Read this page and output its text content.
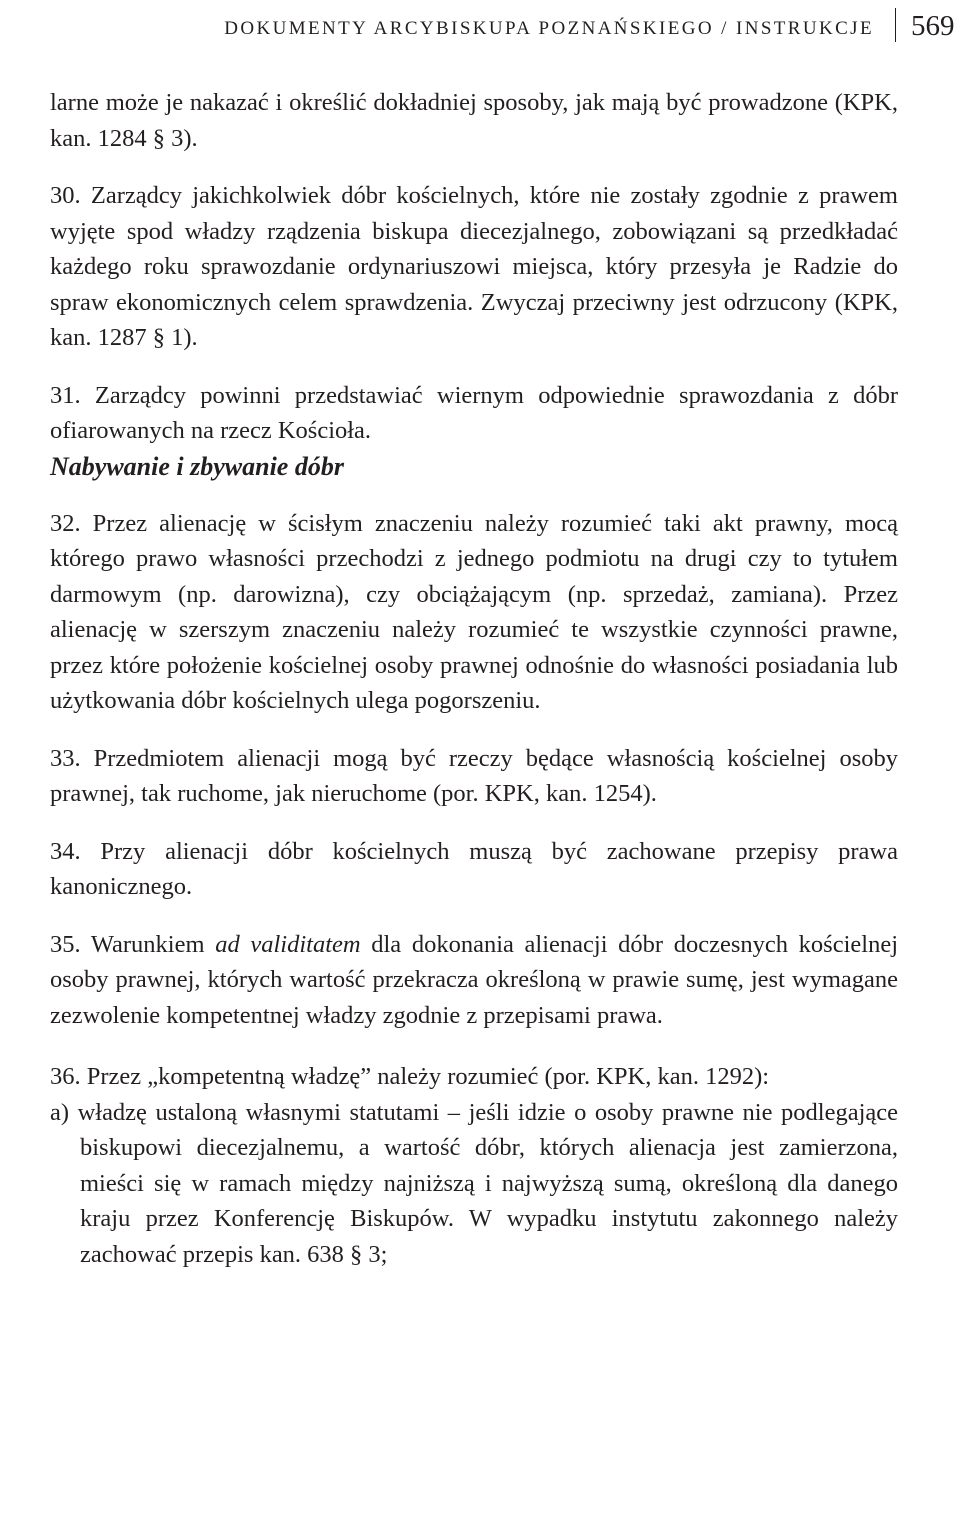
DOKUMENTY ARCYBISKUPA POZNAŃSKIEGO / INSTRUKCJE 569

larne może je nakazać i określić dokładniej sposoby, jak mają być prowadzone (KPK, kan. 1284 § 3).

30. Zarządcy jakichkolwiek dóbr kościelnych, które nie zostały zgodnie z prawem wyjęte spod władzy rządzenia biskupa diecezjalnego, zobowiązani są przedkładać każdego roku sprawozdanie ordynariuszowi miejsca, który przesyła je Radzie do spraw ekonomicznych celem sprawdzenia. Zwyczaj przeciwny jest odrzucony (KPK, kan. 1287 § 1).

31. Zarządcy powinni przedstawiać wiernym odpowiednie sprawozdania z dóbr ofiarowanych na rzecz Kościoła.

Nabywanie i zbywanie dóbr

32. Przez alienację w ścisłym znaczeniu należy rozumieć taki akt prawny, mocą którego prawo własności przechodzi z jednego podmiotu na drugi czy to tytułem darmowym (np. darowizna), czy obciążającym (np. sprzedaż, zamiana). Przez alienację w szerszym znaczeniu należy rozumieć te wszystkie czynności prawne, przez które położenie kościelnej osoby prawnej odnośnie do własności posiadania lub użytkowania dóbr kościelnych ulega pogorszeniu.

33. Przedmiotem alienacji mogą być rzeczy będące własnością kościelnej osoby prawnej, tak ruchome, jak nieruchome (por. KPK, kan. 1254).

34. Przy alienacji dóbr kościelnych muszą być zachowane przepisy prawa kanonicznego.

35. Warunkiem ad validitatem dla dokonania alienacji dóbr doczesnych kościelnej osoby prawnej, których wartość przekracza określoną w prawie sumę, jest wymagane zezwolenie kompetentnej władzy zgodnie z przepisami prawa.

36. Przez „kompetentną władzę” należy rozumieć (por. KPK, kan. 1292):

a) władzę ustaloną własnymi statutami – jeśli idzie o osoby prawne nie podlegające biskupowi diecezjalnemu, a wartość dóbr, których alienacja jest zamierzona, mieści się w ramach między najniższą i najwyższą sumą, określoną dla danego kraju przez Konferencję Biskupów. W wypadku instytutu zakonnego należy zachować przepis kan. 638 § 3;
